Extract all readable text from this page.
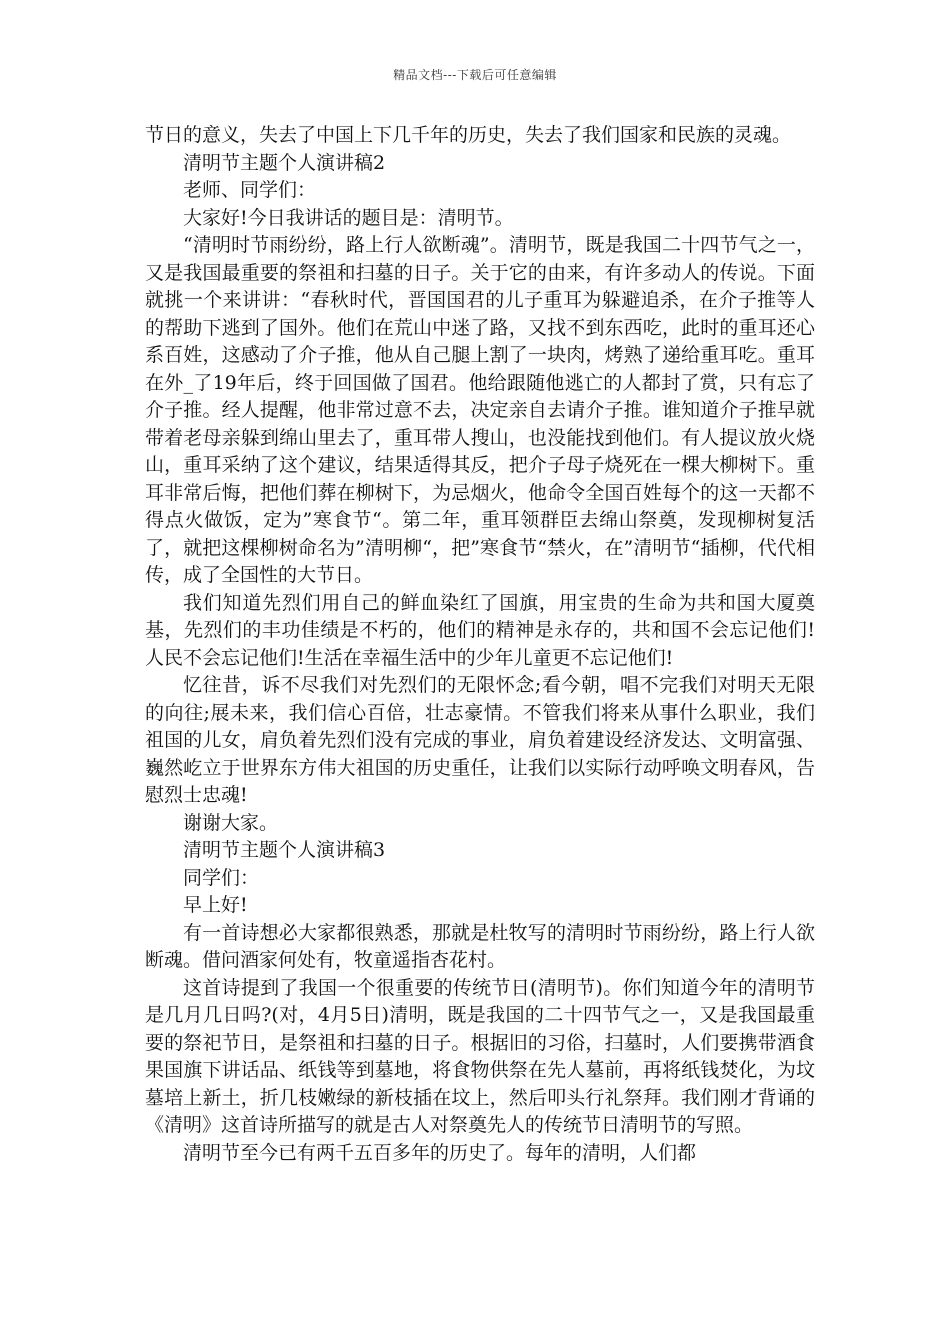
精品文档---下载后可任意编辑

节日的意义，失去了中国上下几千年的历史，失去了我们国家和民族的灵魂。

清明节主题个人演讲稿2

老师、同学们：

大家好!今日我讲话的题目是：清明节。

“清明时节雨纷纷，路上行人欲断魂”。清明节，既是我国二十四节气之一，又是我国最重要的祭祖和扫墓的日子。关于它的由来，有许多动人的传说。下面就挑一个来讲讲：“春秋时代，晋国国君的儿子重耳为躲避追杀，在介子推等人的帮助下逃到了国外。他们在荒山中迷了路，又找不到东西吃，此时的重耳还心系百姓，这感动了介子推，他从自己腿上割了一块肉，烤熟了递给重耳吃。重耳在外_了19年后，终于回国做了国君。他给跟随他逃亡的人都封了赏，只有忘了介子推。经人提醒，他非常过意不去，决定亲自去请介子推。谁知道介子推早就带着老母亲躲到绵山里去了，重耳带人搜山，也没能找到他们。有人提议放火烧山，重耳采纳了这个建议，结果适得其反，把介子母子烧死在一棵大柳树下。重耳非常后悔，把他们葬在柳树下，为忌烟火，他命令全国百姓每个的这一天都不得点火做饭，定为”寒食节“。第二年，重耳领群臣去绵山祭奠，发现柳树复活了，就把这棵柳树命名为”清明柳“，把”寒食节“禁火，在”清明节“插柳，代代相传，成了全国性的大节日。

我们知道先烈们用自己的鲜血染红了国旗，用宝贵的生命为共和国大厦奠基，先烈们的丰功佳绩是不朽的，他们的精神是永存的，共和国不会忘记他们!人民不会忘记他们!生活在幸福生活中的少年儿童更不忘记他们!

忆往昔，诉不尽我们对先烈们的无限怀念;看今朝，唱不完我们对明天无限的向往;展未来，我们信心百倍，壮志豪情。不管我们将来从事什么职业，我们祖国的儿女，肩负着先烈们没有完成的事业，肩负着建设经济发达、文明富强、巍然屹立于世界东方伟大祖国的历史重任，让我们以实际行动呼唤文明春风，告慰烈士忠魂!

谢谢大家。

清明节主题个人演讲稿3

同学们：

早上好!

有一首诗想必大家都很熟悉，那就是杜牧写的清明时节雨纷纷，路上行人欲断魂。借问酒家何处有，牧童遥指杏花村。

这首诗提到了我国一个很重要的传统节日(清明节)。你们知道今年的清明节是几月几日吗?(对，4月5日)清明，既是我国的二十四节气之一，又是我国最重要的祭祀节日，是祭祖和扫墓的日子。根据旧的习俗，扫墓时，人们要携带酒食果国旗下讲话品、纸钱等到墓地，将食物供祭在先人墓前，再将纸钱焚化，为坟墓培上新土，折几枝嫩绿的新枝插在坟上，然后叩头行礼祭拜。我们刚才背诵的《清明》这首诗所描写的就是古人对祭奠先人的传统节日清明节的写照。

清明节至今已有两千五百多年的历史了。每年的清明，人们都
